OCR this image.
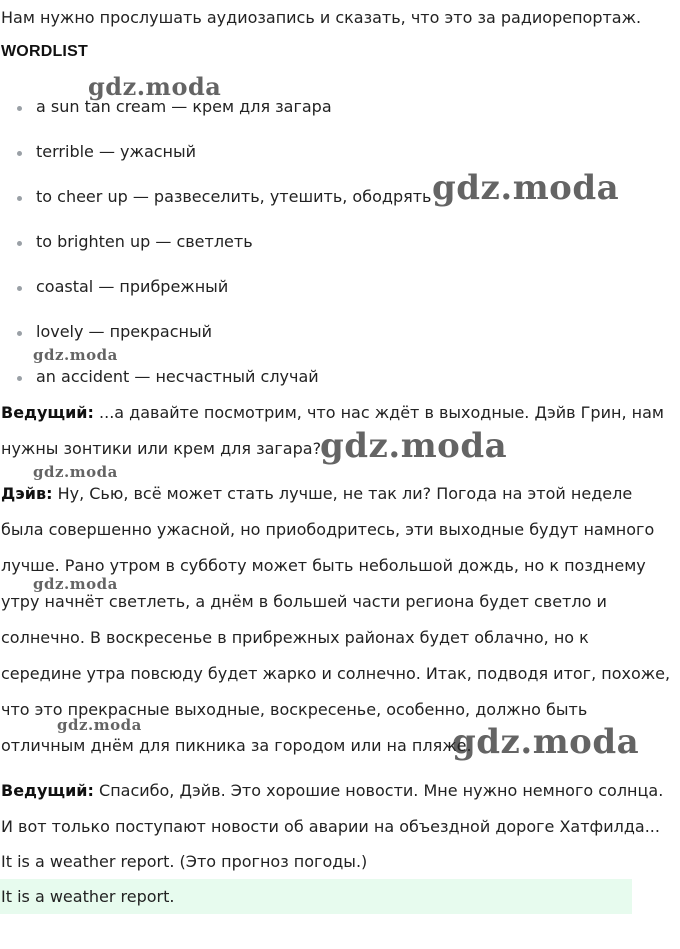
Нам нужно прослушать аудиозапись и сказать, что это за радиорепортаж.
WORDLIST
a sun tan cream — крем для загара
terrible — ужасный
to cheer up — развеселить, утешить, ободрять
to brighten up — светлеть
coastal — прибрежный
lovely — прекрасный
an accident — несчастный случай

Ведущий: ...а давайте посмотрим, что нас ждёт в выходные. Дэйв Грин, нам нужны зонтики или крем для загара?

Дэйв: Ну, Сью, всё может стать лучше, не так ли? Погода на этой неделе была совершенно ужасной, но приободритесь, эти выходные будут намного лучше. Рано утром в субботу может быть небольшой дождь, но к позднему утру начнёт светлеть, а днём в большей части региона будет светло и солнечно. В воскресенье в прибрежных районах будет облачно, но к середине утра повсюду будет жарко и солнечно. Итак, подводя итог, похоже, что это прекрасные выходные, воскресенье, особенно, должно быть отличным днём для пикника за городом или на пляже.

Ведущий: Спасибо, Дэйв. Это хорошие новости. Мне нужно немного солнца. И вот только поступают новости об аварии на объездной дороге Хатфилда...

It is a weather report. (Это прогноз погоды.)
It is a weather report.
gdz.moda
gdz.moda
gdz.moda
gdz.moda
gdz.moda
gdz.moda
gdz.moda	gdz.moda
